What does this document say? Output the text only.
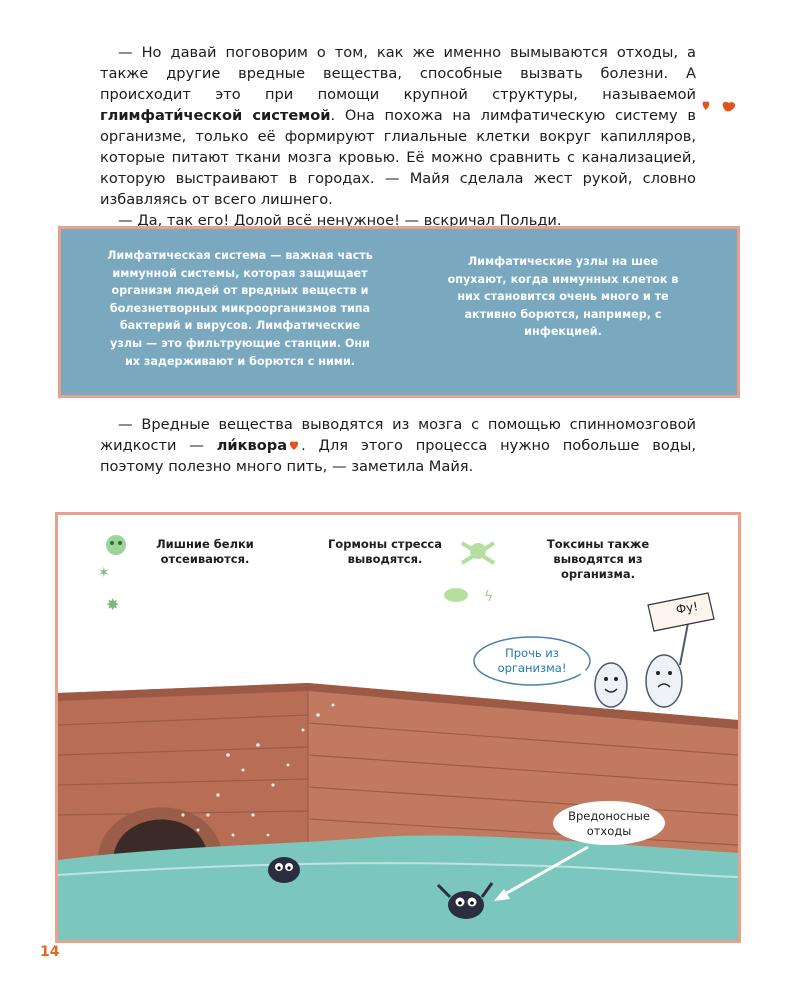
— Но давай поговорим о том, как же именно вымываются отходы, а также другие вредные вещества, способные вызвать болезни. А происходит это при помощи крупной структуры, называемой глимфати́ческой системой. Она похожа на лимфатическую систему в организме, только её формируют глиальные клетки вокруг капилляров, которые питают ткани мозга кровью. Её можно сравнить с канализацией, которую выстраивают в городах. — Майя сделала жест рукой, словно избавляясь от всего лишнего.

— Да, так его! Долой всё ненужное! — вскричал Польди.

Лимфатическая система — важная часть иммунной системы, которая защищает организм людей от вредных веществ и болезнетворных микроорганизмов типа бактерий и вирусов. Лимфатические узлы — это фильтрующие станции. Они их задерживают и борются с ними.
Лимфатические узлы на шее опухают, когда иммунных клеток в них становится очень много и те активно борются, например, с инфекцией.

— Вредные вещества выводятся из мозга с помощью спинномозговой жидкости — ли́квора . Для этого процесса нужно побольше воды, поэтому полезно много пить, — заметила Майя.

✶
✸	ϟ
Лишние белки отсеиваются.
Гормоны стресса выводятся.
Токсины также выводятся из организма.
Фу!
Прочь из организма!
Вредоносные отходы
14
